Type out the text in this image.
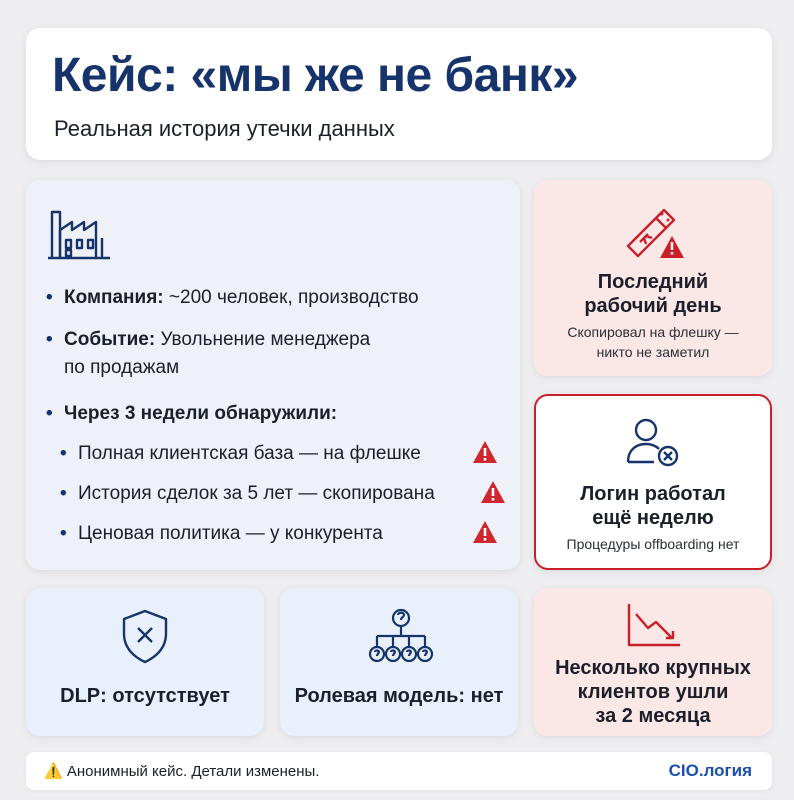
Кейс: «мы же не банк»
Реальная история утечки данных
• Компания: ~200 человек, производство
• Событие: Увольнение менеджера
по продажам
• Через 3 недели обнаружили:
• Полная клиентская база — на флешке
• История сделок за 5 лет — скопирована
• Ценовая политика — у конкурента
Последний
рабочий день
Скопировал на флешку —
никто не заметил
Логин работал
ещё неделю
Процедуры offboarding нет
Несколько крупных
клиентов ушли
за 2 месяца
DLP: отсутствует	Ролевая модель: нет
⚠️ Анонимный кейс. Детали изменены.	CIO.логия
